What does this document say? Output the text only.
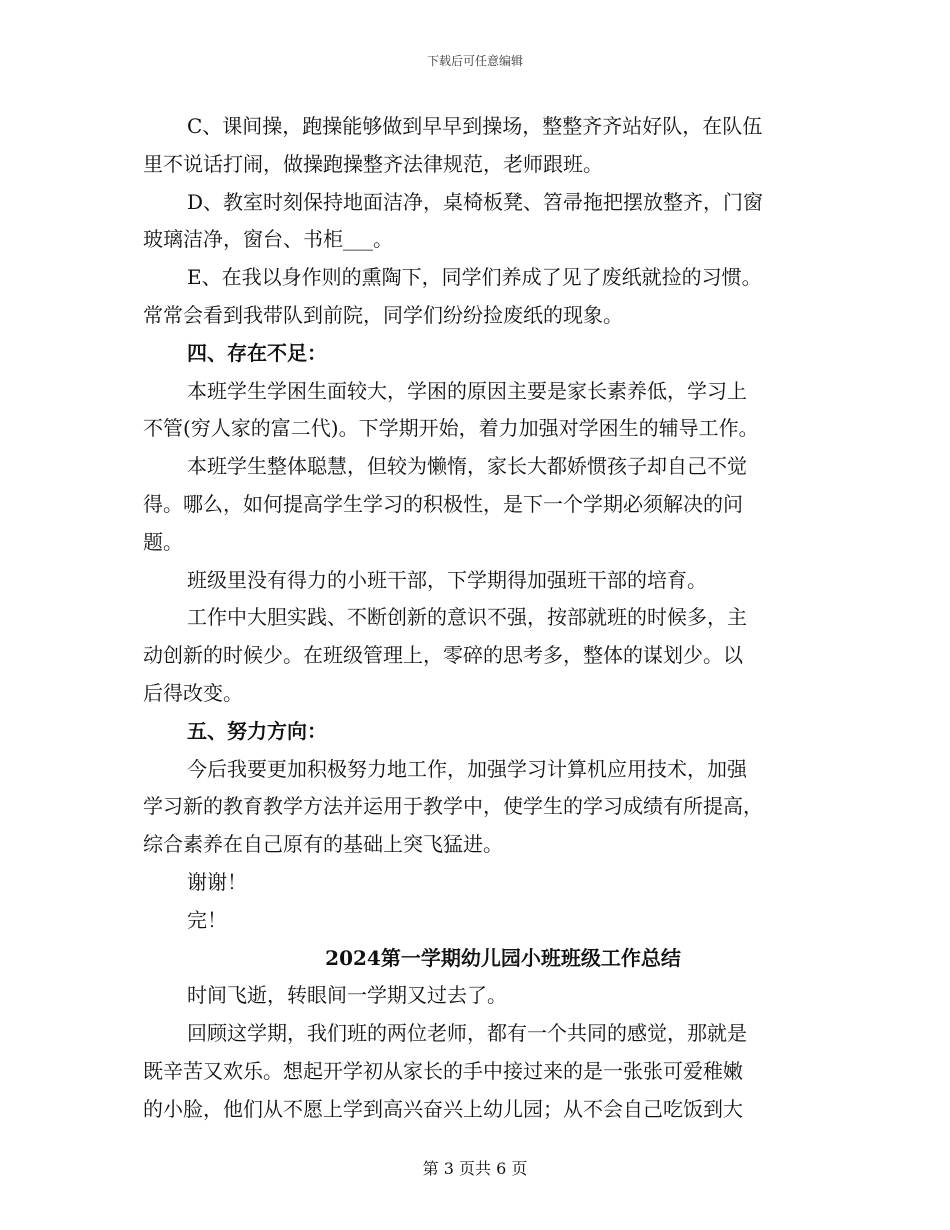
下载后可任意编辑
C、课间操，跑操能够做到早早到操场，整整齐齐站好队，在队伍
里不说话打闹，做操跑操整齐法律规范，老师跟班。
D、教室时刻保持地面洁净，桌椅板凳、笤帚拖把摆放整齐，门窗
玻璃洁净，窗台、书柜___。
E、在我以身作则的熏陶下，同学们养成了见了废纸就捡的习惯。
常常会看到我带队到前院，同学们纷纷捡废纸的现象。
四、存在不足：
本班学生学困生面较大，学困的原因主要是家长素养低，学习上
不管(穷人家的富二代)。下学期开始，着力加强对学困生的辅导工作。
本班学生整体聪慧，但较为懒惰，家长大都娇惯孩子却自己不觉
得。哪么，如何提高学生学习的积极性，是下一个学期必须解决的问
题。
班级里没有得力的小班干部，下学期得加强班干部的培育。
工作中大胆实践、不断创新的意识不强，按部就班的时候多，主
动创新的时候少。在班级管理上，零碎的思考多，整体的谋划少。以
后得改变。
五、努力方向：
今后我要更加积极努力地工作，加强学习计算机应用技术，加强
学习新的教育教学方法并运用于教学中，使学生的学习成绩有所提高，
综合素养在自己原有的基础上突飞猛进。
谢谢！
完！
2024第一学期幼儿园小班班级工作总结
时间飞逝，转眼间一学期又过去了。
回顾这学期，我们班的两位老师，都有一个共同的感觉，那就是
既辛苦又欢乐。想起开学初从家长的手中接过来的是一张张可爱稚嫩
的小脸，他们从不愿上学到高兴奋兴上幼儿园；从不会自己吃饭到大
第 3 页共 6 页
